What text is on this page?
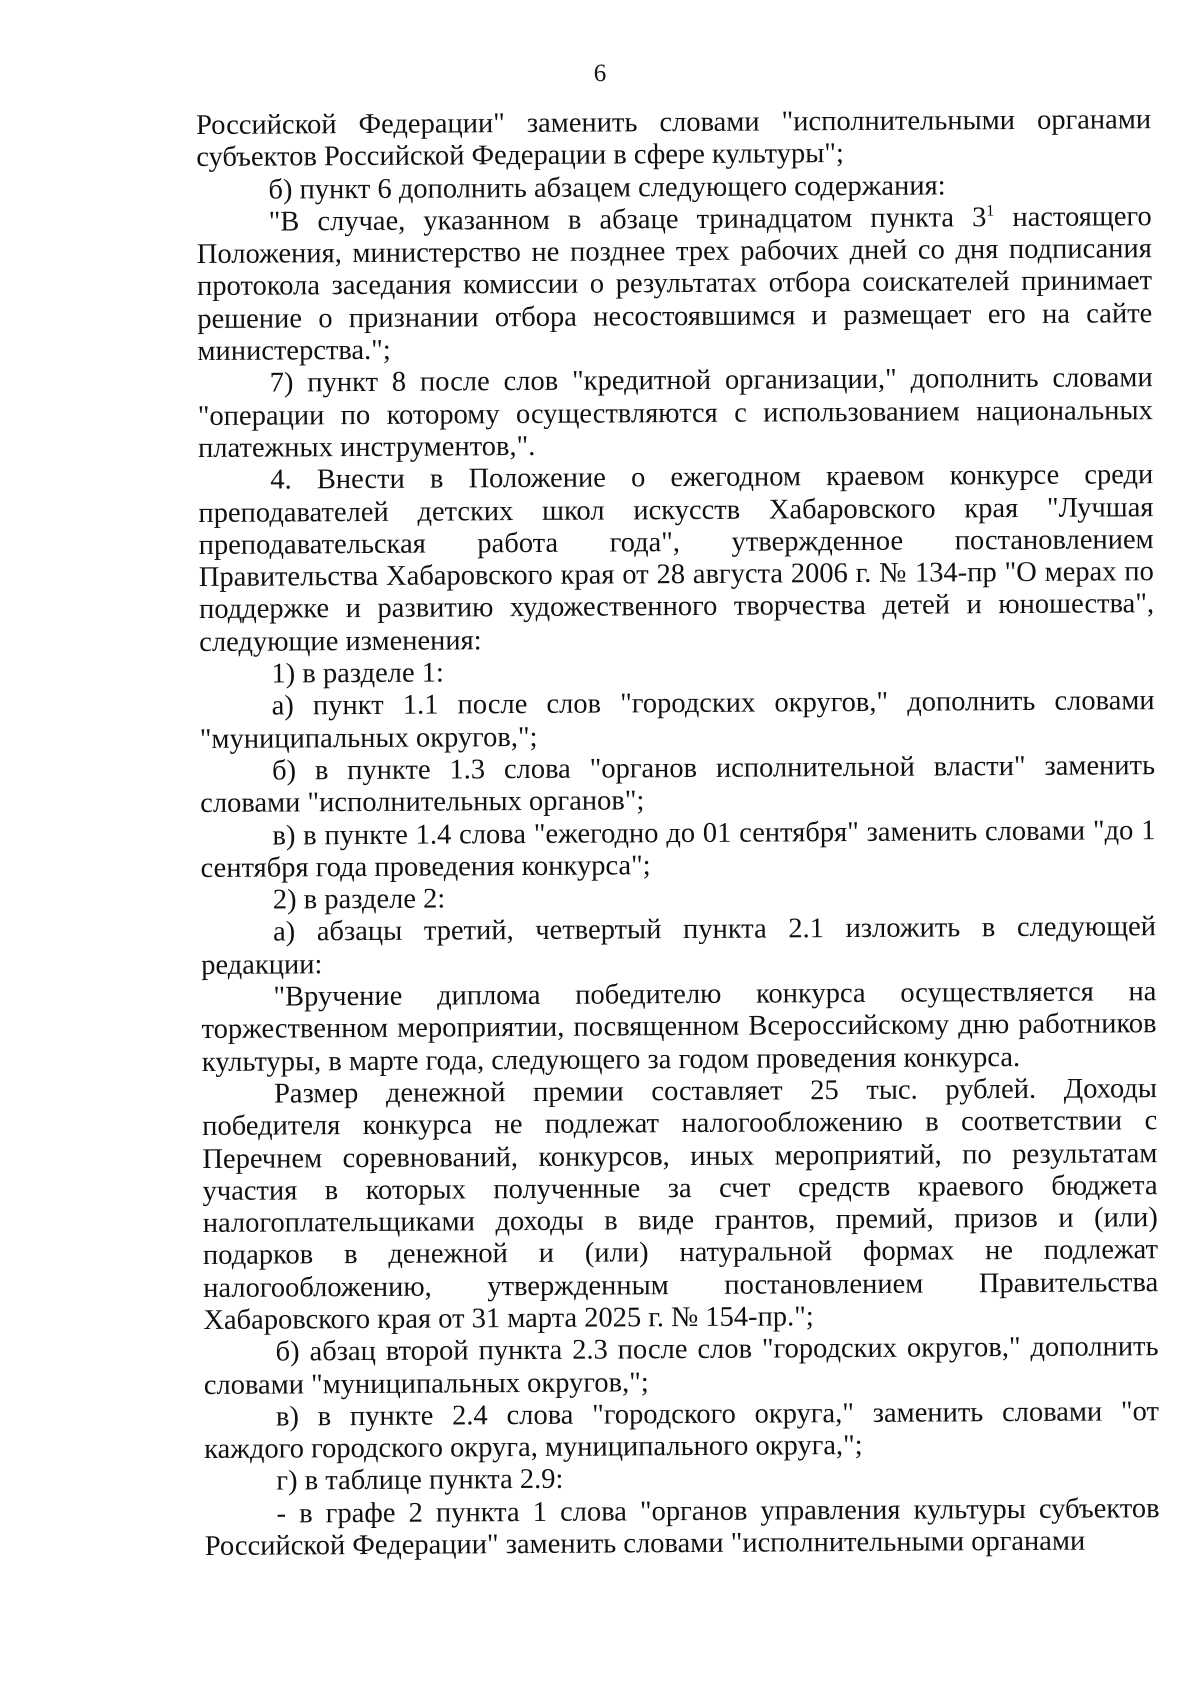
6

Российской Федерации" заменить словами "исполнительными органами субъектов Российской Федерации в сфере культуры";

б) пункт 6 дополнить абзацем следующего содержания:

"В случае, указанном в абзаце тринадцатом пункта $3^1$ настоящего Положения, министерство не позднее трех рабочих дней со дня подписания протокола заседания комиссии о результатах отбора соискателей принимает решение о признании отбора несостоявшимся и размещает его на сайте министерства.";

7) пункт 8 после слов "кредитной организации," дополнить словами "операции по которому осуществляются с использованием национальных платежных инструментов,".

4. Внести в Положение о ежегодном краевом конкурсе среди преподавателей детских школ искусств Хабаровского края "Лучшая преподавательская работа года", утвержденное постановлением Правительства Хабаровского края от 28 августа 2006 г. № 134-пр "О мерах по поддержке и развитию художественного творчества детей и юношества", следующие изменения:

1) в разделе 1:

а) пункт 1.1 после слов "городских округов," дополнить словами "муниципальных округов,";

б) в пункте 1.3 слова "органов исполнительной власти" заменить словами "исполнительных органов";

в) в пункте 1.4 слова "ежегодно до 01 сентября" заменить словами "до 1 сентября года проведения конкурса";

2) в разделе 2:

а) абзацы третий, четвертый пункта 2.1 изложить в следующей редакции:

"Вручение диплома победителю конкурса осуществляется на торжественном мероприятии, посвященном Всероссийскому дню работников культуры, в марте года, следующего за годом проведения конкурса.

Размер денежной премии составляет 25 тыс. рублей. Доходы победителя конкурса не подлежат налогообложению в соответствии с Перечнем соревнований, конкурсов, иных мероприятий, по результатам участия в которых полученные за счет средств краевого бюджета налогоплательщиками доходы в виде грантов, премий, призов и (или) подарков в денежной и (или) натуральной формах не подлежат налогообложению, утвержденным постановлением Правительства Хабаровского края от 31 марта 2025 г. № 154-пр.";

б) абзац второй пункта 2.3 после слов "городских округов," дополнить словами "муниципальных округов,";

в) в пункте 2.4 слова "городского округа," заменить словами "от каждого городского округа, муниципального округа,";

г) в таблице пункта 2.9:

- в графе 2 пункта 1 слова "органов управления культуры субъектов Российской Федерации" заменить словами "исполнительными органами
